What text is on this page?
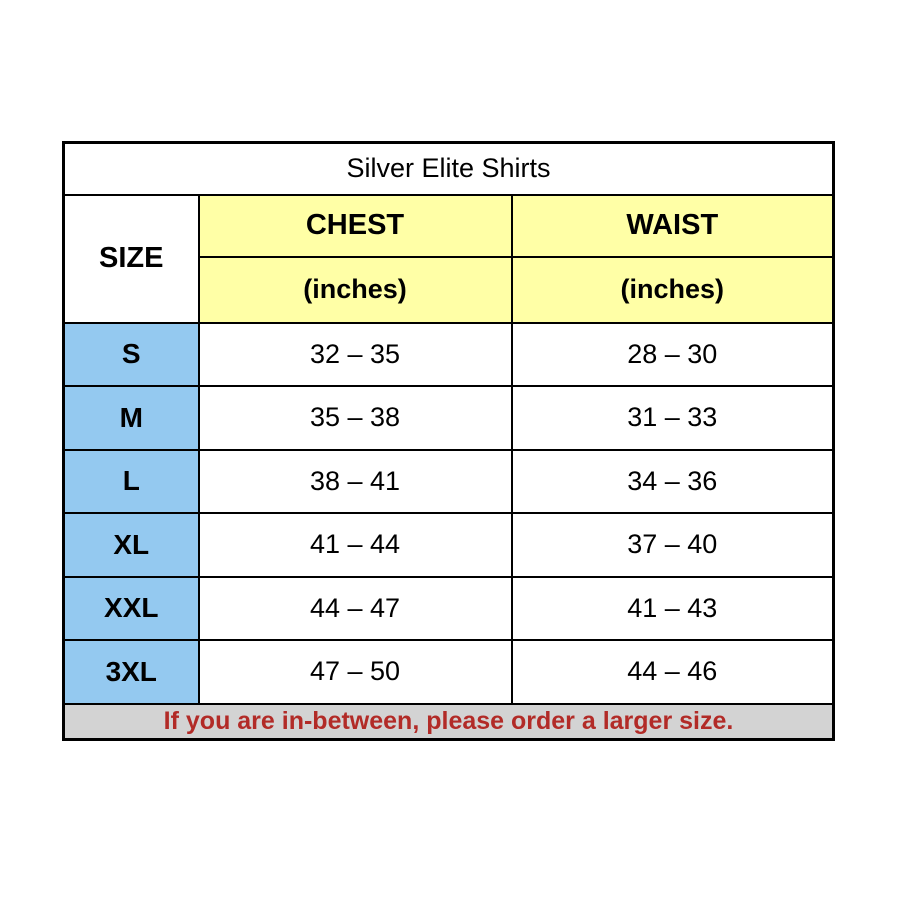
Silver Elite Shirts		
SIZE	CHEST	WAIST
	(inches)	(inches)
S	32 – 35	28 – 30
M	35 – 38	31 – 33
L	38 – 41	34 – 36
XL	41 – 44	37 – 40
XXL	44 – 47	41 – 43
3XL	47 – 50	44 – 46
If you are in-between, please order a larger size.		
